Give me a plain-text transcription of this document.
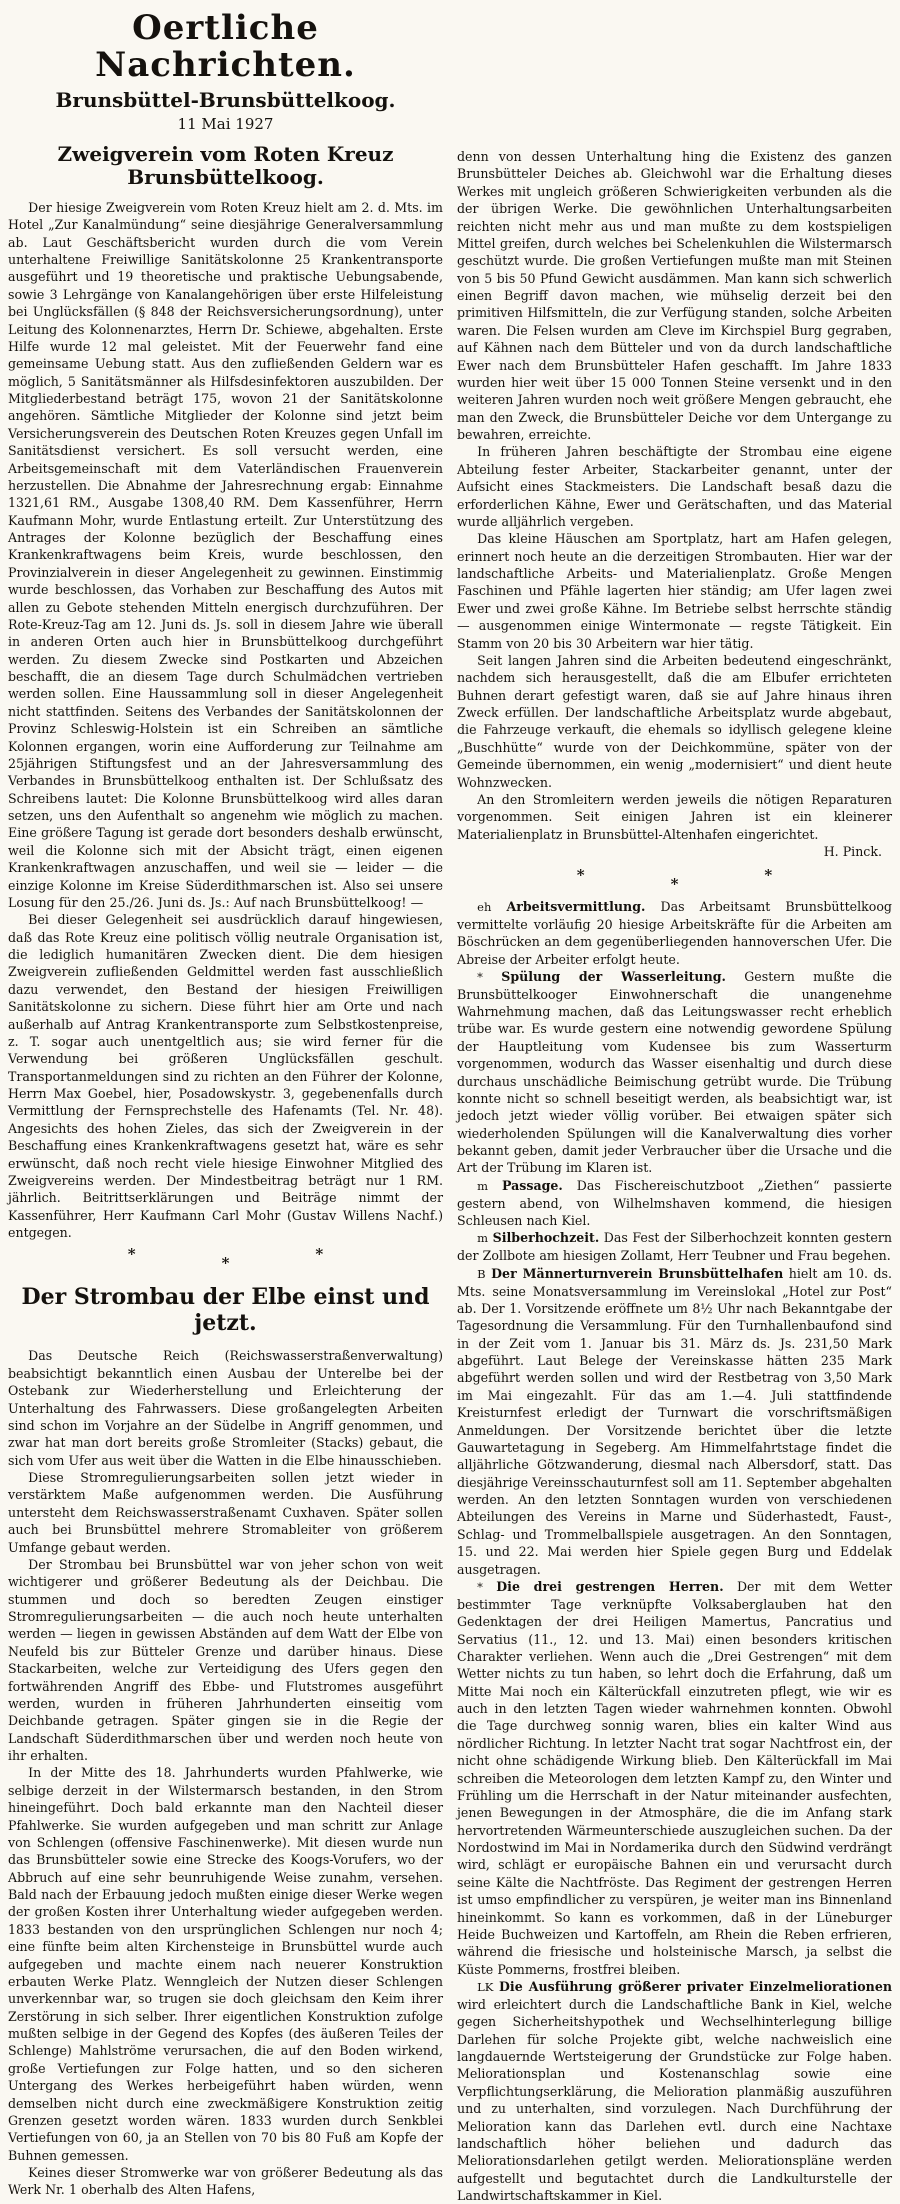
Oertliche Nachrichten.
Brunsbüttel-Brunsbüttelkoog.
11 Mai 1927
Zweigverein vom Roten Kreuz
Brunsbüttelkoog.

Der hiesige Zweigverein vom Roten Kreuz hielt am 2. d. Mts. im Hotel „Zur Kanalmündung“ seine diesjährige Generalversammlung ab. Laut Geschäftsbericht wurden durch die vom Verein unterhaltene Freiwillige Sanitätskolonne 25 Krankentransporte ausgeführt und 19 theoretische und praktische Uebungsabende, sowie 3 Lehrgänge von Kanalangehörigen über erste Hilfeleistung bei Unglücksfällen (§ 848 der Reichsversicherungsordnung), unter Leitung des Kolonnenarztes, Herrn Dr. Schiewe, abgehalten. Erste Hilfe wurde 12 mal geleistet. Mit der Feuerwehr fand eine gemeinsame Uebung statt. Aus den zufließenden Geldern war es möglich, 5 Sanitätsmänner als Hilfsdesinfektoren auszubilden. Der Mitgliederbestand beträgt 175, wovon 21 der Sanitätskolonne angehören. Sämtliche Mitglieder der Kolonne sind jetzt beim Versicherungsverein des Deutschen Roten Kreuzes gegen Unfall im Sanitätsdienst versichert. Es soll versucht werden, eine Arbeitsgemeinschaft mit dem Vaterländischen Frauenverein herzustellen. Die Abnahme der Jahresrechnung ergab: Einnahme 1321,61 RM., Ausgabe 1308,40 RM. Dem Kassenführer, Herrn Kaufmann Mohr, wurde Entlastung erteilt. Zur Unterstützung des Antrages der Kolonne bezüglich der Beschaffung eines Krankenkraftwagens beim Kreis, wurde beschlossen, den Provinzialverein in dieser Angelegenheit zu gewinnen. Einstimmig wurde beschlossen, das Vorhaben zur Beschaffung des Autos mit allen zu Gebote stehenden Mitteln energisch durchzuführen. Der Rote-Kreuz-Tag am 12. Juni ds. Js. soll in diesem Jahre wie überall in anderen Orten auch hier in Brunsbüttelkoog durchgeführt werden. Zu diesem Zwecke sind Postkarten und Abzeichen beschafft, die an diesem Tage durch Schulmädchen vertrieben werden sollen. Eine Haussammlung soll in dieser Angelegenheit nicht stattfinden. Seitens des Verbandes der Sanitätskolonnen der Provinz Schleswig-Holstein ist ein Schreiben an sämtliche Kolonnen ergangen, worin eine Aufforderung zur Teilnahme am 25jährigen Stiftungsfest und an der Jahresversammlung des Verbandes in Brunsbüttelkoog enthalten ist. Der Schlußsatz des Schreibens lautet: Die Kolonne Brunsbüttelkoog wird alles daran setzen, uns den Aufenthalt so angenehm wie möglich zu machen. Eine größere Tagung ist gerade dort besonders deshalb erwünscht, weil die Kolonne sich mit der Absicht trägt, einen eigenen Krankenkraftwagen anzuschaffen, und weil sie — leider — die einzige Kolonne im Kreise Süderdithmarschen ist. Also sei unsere Losung für den 25./26. Juni ds. Js.: Auf nach Brunsbüttelkoog! —

Bei dieser Gelegenheit sei ausdrücklich darauf hingewiesen, daß das Rote Kreuz eine politisch völlig neutrale Organisation ist, die lediglich humanitären Zwecken dient. Die dem hiesigen Zweigverein zufließenden Geldmittel werden fast ausschließlich dazu verwendet, den Bestand der hiesigen Freiwilligen Sanitätskolonne zu sichern. Diese führt hier am Orte und nach außerhalb auf Antrag Krankentransporte zum Selbstkostenpreise, z. T. sogar auch unentgeltlich aus; sie wird ferner für die Verwendung bei größeren Unglücksfällen geschult. Transportanmeldungen sind zu richten an den Führer der Kolonne, Herrn Max Goebel, hier, Posadowskystr. 3, gegebenenfalls durch Vermittlung der Fernsprechstelle des Hafenamts (Tel. Nr. 48). Angesichts des hohen Zieles, das sich der Zweigverein in der Beschaffung eines Krankenkraftwagens gesetzt hat, wäre es sehr erwünscht, daß noch recht viele hiesige Einwohner Mitglied des Zweigvereins werden. Der Mindestbeitrag beträgt nur 1 RM. jährlich. Beitrittserklärungen und Beiträge nimmt der Kassenführer, Herr Kaufmann Carl Mohr (Gustav Willens Nachf.) entgegen.

*	*	*
Der Strombau der Elbe einst und jetzt.

Das Deutsche Reich (Reichswasserstraßenverwaltung) beabsichtigt bekanntlich einen Ausbau der Unterelbe bei der Ostebank zur Wiederherstellung und Erleichterung der Unterhaltung des Fahrwassers. Diese großangelegten Arbeiten sind schon im Vorjahre an der Südelbe in Angriff genommen, und zwar hat man dort bereits große Stromleiter (Stacks) gebaut, die sich vom Ufer aus weit über die Watten in die Elbe hinausschieben.

Diese Stromregulierungsarbeiten sollen jetzt wieder in verstärktem Maße aufgenommen werden. Die Ausführung untersteht dem Reichswasserstraßenamt Cuxhaven. Später sollen auch bei Brunsbüttel mehrere Stromableiter von größerem Umfange gebaut werden.

Der Strombau bei Brunsbüttel war von jeher schon von weit wichtigerer und größerer Bedeutung als der Deichbau. Die stummen und doch so beredten Zeugen einstiger Stromregulierungsarbeiten — die auch noch heute unterhalten werden — liegen in gewissen Abständen auf dem Watt der Elbe von Neufeld bis zur Bütteler Grenze und darüber hinaus. Diese Stackarbeiten, welche zur Verteidigung des Ufers gegen den fortwährenden Angriff des Ebbe- und Flutstromes ausgeführt werden, wurden in früheren Jahrhunderten einseitig vom Deichbande getragen. Später gingen sie in die Regie der Landschaft Süderdithmarschen über und werden noch heute von ihr erhalten.

In der Mitte des 18. Jahrhunderts wurden Pfahlwerke, wie selbige derzeit in der Wilstermarsch bestanden, in den Strom hineingeführt. Doch bald erkannte man den Nachteil dieser Pfahlwerke. Sie wurden aufgegeben und man schritt zur Anlage von Schlengen (offensive Faschinenwerke). Mit diesen wurde nun das Brunsbütteler sowie eine Strecke des Koogs-Vorufers, wo der Abbruch auf eine sehr beunruhigende Weise zunahm, versehen. Bald nach der Erbauung jedoch mußten einige dieser Werke wegen der großen Kosten ihrer Unterhaltung wieder aufgegeben werden. 1833 bestanden von den ursprünglichen Schlengen nur noch 4; eine fünfte beim alten Kirchensteige in Brunsbüttel wurde auch aufgegeben und machte einem nach neuerer Konstruktion erbauten Werke Platz. Wenngleich der Nutzen dieser Schlengen unverkennbar war, so trugen sie doch gleichsam den Keim ihrer Zerstörung in sich selber. Ihrer eigentlichen Konstruktion zufolge mußten selbige in der Gegend des Kopfes (des äußeren Teiles der Schlenge) Mahlströme verursachen, die auf den Boden wirkend, große Vertiefungen zur Folge hatten, und so den sicheren Untergang des Werkes herbeigeführt haben würden, wenn demselben nicht durch eine zweckmäßigere Konstruktion zeitig Grenzen gesetzt worden wären. 1833 wurden durch Senkblei Vertiefungen von 60, ja an Stellen von 70 bis 80 Fuß am Kopfe der Buhnen gemessen.

Keines dieser Stromwerke war von größerer Bedeutung als das Werk Nr. 1 oberhalb des Alten Hafens,

denn von dessen Unterhaltung hing die Existenz des ganzen Brunsbütteler Deiches ab. Gleichwohl war die Erhaltung dieses Werkes mit ungleich größeren Schwierigkeiten verbunden als die der übrigen Werke. Die gewöhnlichen Unterhaltungsarbeiten reichten nicht mehr aus und man mußte zu dem kostspieligen Mittel greifen, durch welches bei Schelenkuhlen die Wilstermarsch geschützt wurde. Die großen Vertiefungen mußte man mit Steinen von 5 bis 50 Pfund Gewicht ausdämmen. Man kann sich schwerlich einen Begriff davon machen, wie mühselig derzeit bei den primitiven Hilfsmitteln, die zur Verfügung standen, solche Arbeiten waren. Die Felsen wurden am Cleve im Kirchspiel Burg gegraben, auf Kähnen nach dem Bütteler und von da durch landschaftliche Ewer nach dem Brunsbütteler Hafen geschafft. Im Jahre 1833 wurden hier weit über 15 000 Tonnen Steine versenkt und in den weiteren Jahren wurden noch weit größere Mengen gebraucht, ehe man den Zweck, die Brunsbütteler Deiche vor dem Untergange zu bewahren, erreichte.

In früheren Jahren beschäftigte der Strombau eine eigene Abteilung fester Arbeiter, Stackarbeiter genannt, unter der Aufsicht eines Stackmeisters. Die Landschaft besaß dazu die erforderlichen Kähne, Ewer und Gerätschaften, und das Material wurde alljährlich vergeben.

Das kleine Häuschen am Sportplatz, hart am Hafen gelegen, erinnert noch heute an die derzeitigen Strombauten. Hier war der landschaftliche Arbeits- und Materialienplatz. Große Mengen Faschinen und Pfähle lagerten hier ständig; am Ufer lagen zwei Ewer und zwei große Kähne. Im Betriebe selbst herrschte ständig — ausgenommen einige Wintermonate — regste Tätigkeit. Ein Stamm von 20 bis 30 Arbeitern war hier tätig.

Seit langen Jahren sind die Arbeiten bedeutend eingeschränkt, nachdem sich herausgestellt, daß die am Elbufer errichteten Buhnen derart gefestigt waren, daß sie auf Jahre hinaus ihren Zweck erfüllen. Der landschaftliche Arbeitsplatz wurde abgebaut, die Fahrzeuge verkauft, die ehemals so idyllisch gelegene kleine „Buschhütte“ wurde von der Deichkommüne, später von der Gemeinde übernommen, ein wenig „modernisiert“ und dient heute Wohnzwecken.

An den Stromleitern werden jeweils die nötigen Reparaturen vorgenommen. Seit einigen Jahren ist ein kleinerer Materialienplatz in Brunsbüttel-Altenhafen eingerichtet.

H. Pinck.

*	*	*

eh Arbeitsvermittlung. Das Arbeitsamt Brunsbüttelkoog vermittelte vorläufig 20 hiesige Arbeitskräfte für die Arbeiten am Böschrücken an dem gegenüberliegenden hannoverschen Ufer. Die Abreise der Arbeiter erfolgt heute.

* Spülung der Wasserleitung. Gestern mußte die Brunsbüttelkooger Einwohnerschaft die unangenehme Wahrnehmung machen, daß das Leitungswasser recht erheblich trübe war. Es wurde gestern eine notwendig gewordene Spülung der Hauptleitung vom Kudensee bis zum Wasserturm vorgenommen, wodurch das Wasser eisenhaltig und durch diese durchaus unschädliche Beimischung getrübt wurde. Die Trübung konnte nicht so schnell beseitigt werden, als beabsichtigt war, ist jedoch jetzt wieder völlig vorüber. Bei etwaigen später sich wiederholenden Spülungen will die Kanalverwaltung dies vorher bekannt geben, damit jeder Verbraucher über die Ursache und die Art der Trübung im Klaren ist.

m Passage. Das Fischereischutzboot „Ziethen“ passierte gestern abend, von Wilhelmshaven kommend, die hiesigen Schleusen nach Kiel.

m Silberhochzeit. Das Fest der Silberhochzeit konnten gestern der Zollbote am hiesigen Zollamt, Herr Teubner und Frau begehen.

B Der Männerturnverein Brunsbüttelhafen hielt am 10. ds. Mts. seine Monatsversammlung im Vereinslokal „Hotel zur Post“ ab. Der 1. Vorsitzende eröffnete um 8½ Uhr nach Bekanntgabe der Tagesordnung die Versammlung. Für den Turnhallenbaufond sind in der Zeit vom 1. Januar bis 31. März ds. Js. 231,50 Mark abgeführt. Laut Belege der Vereinskasse hätten 235 Mark abgeführt werden sollen und wird der Restbetrag von 3,50 Mark im Mai eingezahlt. Für das am 1.—4. Juli stattfindende Kreisturnfest erledigt der Turnwart die vorschriftsmäßigen Anmeldungen. Der Vorsitzende berichtet über die letzte Gauwartetagung in Segeberg. Am Himmelfahrtstage findet die alljährliche Götzwanderung, diesmal nach Albersdorf, statt. Das diesjährige Vereinsschauturnfest soll am 11. September abgehalten werden. An den letzten Sonntagen wurden von verschiedenen Abteilungen des Vereins in Marne und Süderhastedt, Faust-, Schlag- und Trommelballspiele ausgetragen. An den Sonntagen, 15. und 22. Mai werden hier Spiele gegen Burg und Eddelak ausgetragen.

* Die drei gestrengen Herren. Der mit dem Wetter bestimmter Tage verknüpfte Volksaberglauben hat den Gedenktagen der drei Heiligen Mamertus, Pancratius und Servatius (11., 12. und 13. Mai) einen besonders kritischen Charakter verliehen. Wenn auch die „Drei Gestrengen“ mit dem Wetter nichts zu tun haben, so lehrt doch die Erfahrung, daß um Mitte Mai noch ein Kälterückfall einzutreten pflegt, wie wir es auch in den letzten Tagen wieder wahrnehmen konnten. Obwohl die Tage durchweg sonnig waren, blies ein kalter Wind aus nördlicher Richtung. In letzter Nacht trat sogar Nachtfrost ein, der nicht ohne schädigende Wirkung blieb. Den Kälterückfall im Mai schreiben die Meteorologen dem letzten Kampf zu, den Winter und Frühling um die Herrschaft in der Natur miteinander ausfechten, jenen Bewegungen in der Atmosphäre, die die im Anfang stark hervortretenden Wärmeunterschiede auszugleichen suchen. Da der Nordostwind im Mai in Nordamerika durch den Südwind verdrängt wird, schlägt er europäische Bahnen ein und verursacht durch seine Kälte die Nachtfröste. Das Regiment der gestrengen Herren ist umso empfindlicher zu verspüren, je weiter man ins Binnenland hineinkommt. So kann es vorkommen, daß in der Lüneburger Heide Buchweizen und Kartoffeln, am Rhein die Reben erfrieren, während die friesische und holsteinische Marsch, ja selbst die Küste Pommerns, frostfrei bleiben.

LK Die Ausführung größerer privater Einzelmeliorationen wird erleichtert durch die Landschaftliche Bank in Kiel, welche gegen Sicherheitshypothek und Wechselhinterlegung billige Darlehen für solche Projekte gibt, welche nachweislich eine langdauernde Wertsteigerung der Grundstücke zur Folge haben. Meliorationsplan und Kostenanschlag sowie eine Verpflichtungserklärung, die Melioration planmäßig auszuführen und zu unterhalten, sind vorzulegen. Nach Durchführung der Melioration kann das Darlehen evtl. durch eine Nachtaxe landschaftlich höher beliehen und dadurch das Meliorationsdarlehen getilgt werden. Meliorationspläne werden aufgestellt und begutachtet durch die Landkulturstelle der Landwirtschaftskammer in Kiel.
